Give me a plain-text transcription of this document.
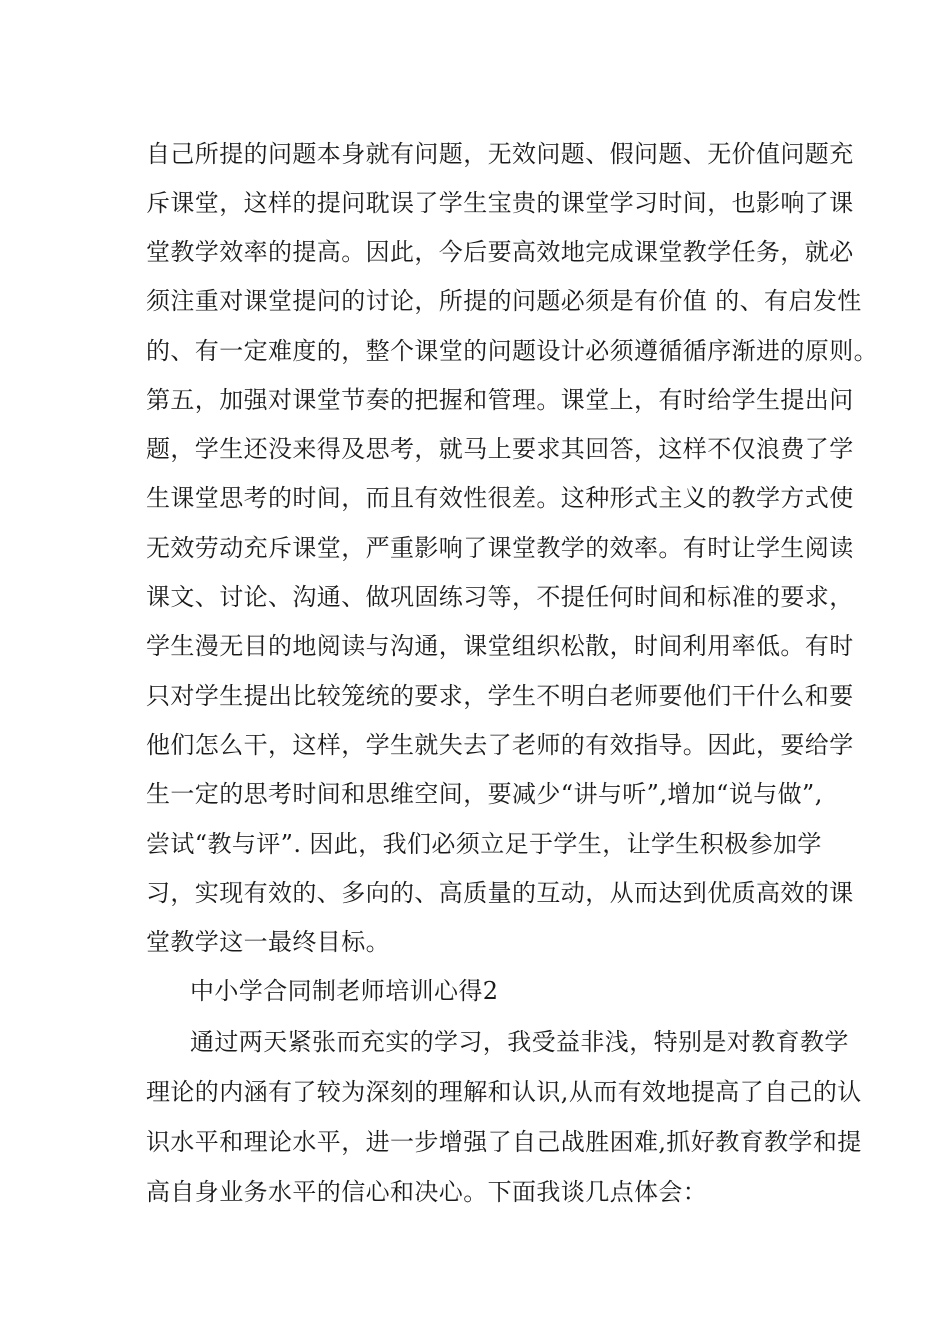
自己所提的问题本身就有问题，无效问题、假问题、无价值问题充
斥课堂，这样的提问耽误了学生宝贵的课堂学习时间，也影响了课
堂教学效率的提高。因此，今后要高效地完成课堂教学任务，就必
须注重对课堂提问的讨论，所提的问题必须是有价值 的、有启发性
的、有一定难度的，整个课堂的问题设计必须遵循循序渐进的原则。
第五，加强对课堂节奏的把握和管理。课堂上，有时给学生提出问
题，学生还没来得及思考，就马上要求其回答，这样不仅浪费了学
生课堂思考的时间，而且有效性很差。这种形式主义的教学方式使
无效劳动充斥课堂，严重影响了课堂教学的效率。有时让学生阅读
课文、讨论、沟通、做巩固练习等，不提任何时间和标准的要求，
学生漫无目的地阅读与沟通，课堂组织松散，时间利用率低。有时
只对学生提出比较笼统的要求，学生不明白老师要他们干什么和要
他们怎么干，这样，学生就失去了老师的有效指导。因此，要给学
生一定的思考时间和思维空间，要减少“讲与听”,增加“说与做”,
尝试“教与评”. 因此，我们必须立足于学生，让学生积极参加学
习，实现有效的、多向的、高质量的互动，从而达到优质高效的课
堂教学这一最终目标。
中小学合同制老师培训心得2
通过两天紧张而充实的学习，我受益非浅，特别是对教育教学
理论的内涵有了较为深刻的理解和认识,从而有效地提高了自己的认
识水平和理论水平，进一步增强了自己战胜困难,抓好教育教学和提
高自身业务水平的信心和决心。下面我谈几点体会：
